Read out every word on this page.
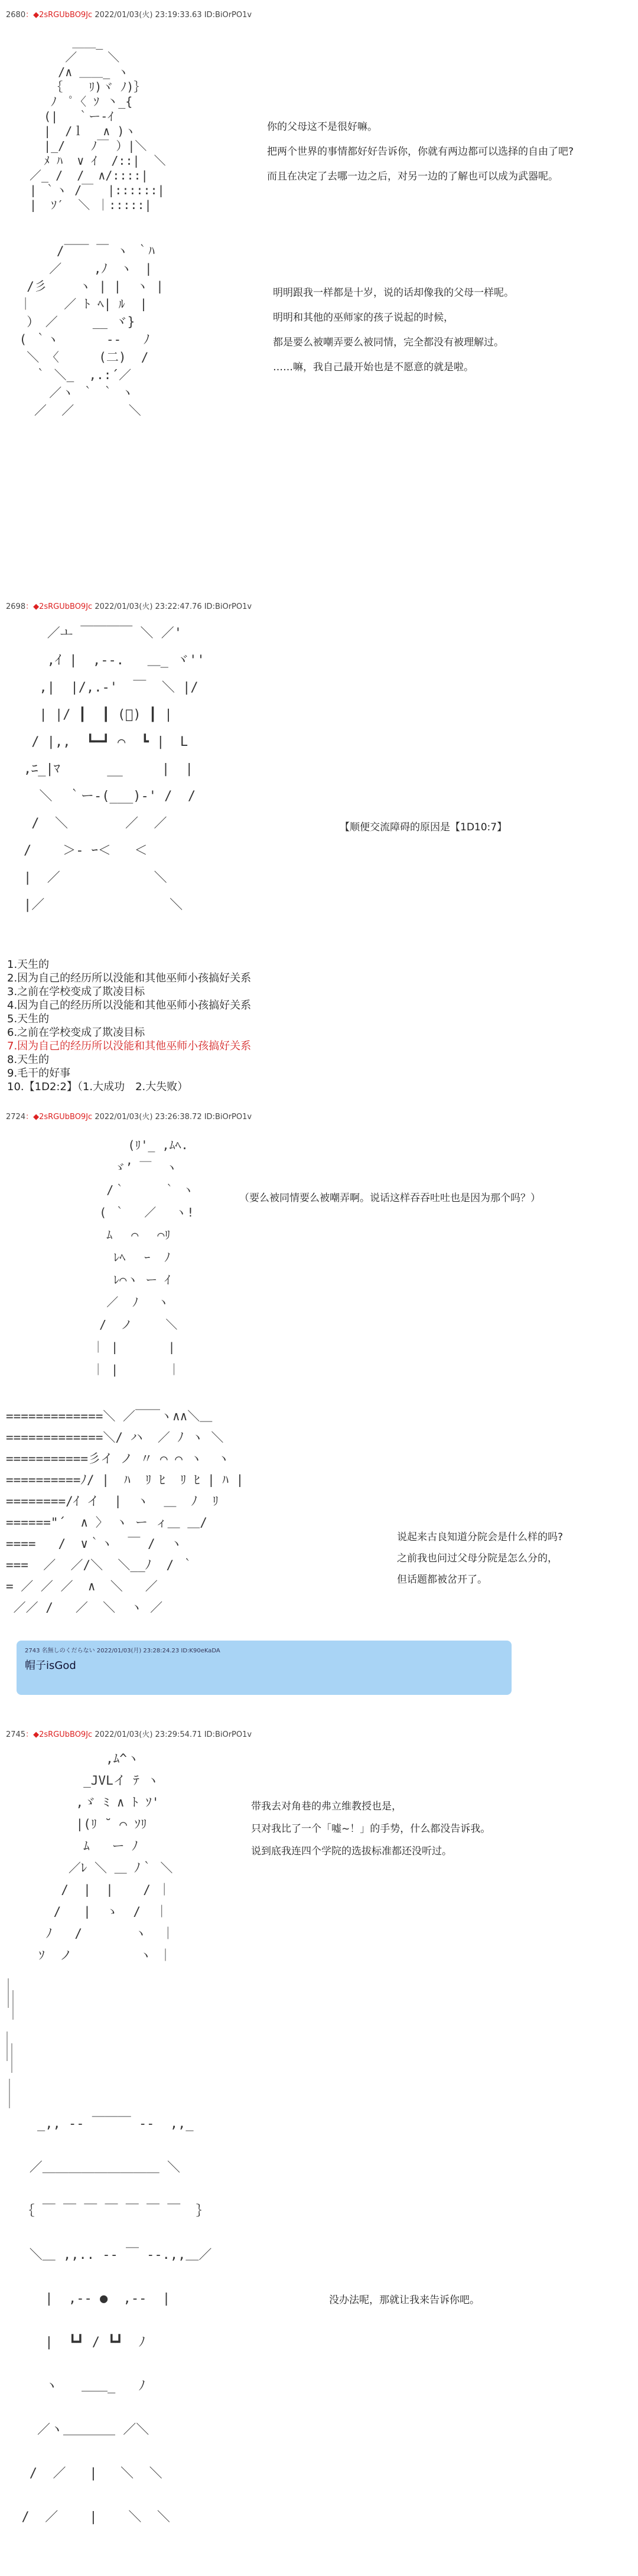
2680：◆2sRGUbBO9Jc 2022/01/03(火) 23:19:33.63 ID:BiOrPO1v
＿＿_
／　　 ＼
/∧ ＿＿_ ヽ
｛ 　 ﾘ)ヾ ﾉ)｝
ﾉ　ﾟ〈 ｿ 丶_{
(|　 ｀ー-ｲ
|  /ｌ　 ∧ )ヽ
|_/ 　 ﾉ￣ ）|＼
ﾒ ﾊ  ∨ ｲ  /::|  ＼
／_ /  /  ∧/::::|
| ｀ヽ /￣  |::::::|
|  ｿ′  ＼ ｜:::::|
你的父母这不是很好嘛。
把两个世界的事情都好好告诉你，你就有两边都可以选择的自由了吧?
而且在决定了去哪一边之后，对另一边的了解也可以成为武器呢。
/￣￣ ￣ ヽ ｀ﾊ
／　　 ,ﾉ　ヽ　|
/彡　　 ヽ | |  ヽ |
｜ 　　／ ﾄ ﾍ| ﾙ  |
）　／　   __ ヾ}
( ｀ヽ　 　  ‐‐   ﾉ
＼ 〈　 　 (二)  /
｀ ＼_  ,.:´／
／ヽ ｀ ｀ ヽ
／  ／　  　  ＼
明明跟我一样都是十岁，说的话却像我的父母一样呢。
明明和其他的巫师家的孩子说起的时候，
都是要么被嘲弄要么被同情，完全都没有被理解过。
……嘛，我自己最开始也是不愿意的就是啦。
2698：◆2sRGUbBO9Jc 2022/01/03(火) 23:22:47.76 ID:BiOrPO1v
／ￌ ￣￣￣￣ ＼ ／'
,ｲ |  ,--.   ＿_ ヾ''
,|  |/,.-'  ￣  ＼ |/
| |/ ┃  ┃ (ﾟ) ┃ |
/ |,,  ┗━┛ ⌒  ┗ |  L
,ﾆ_|ﾏ      __     |  |
＼  ｀ー‐(___)‐' /  /
/  ＼ 　  　 ／  ／
/    ＞‐ ｰ＜   ＜
|  ／            ＼
|／                ＼
【顺便交流障碍的原因是【1D10:7】
1.天生的
2.因为自己的经历所以没能和其他巫师小孩搞好关系
3.之前在学校变成了欺凌目标
4.因为自己的经历所以没能和其他巫师小孩搞好关系
5.天生的
6.之前在学校变成了欺凌目标
7.因为自己的经历所以没能和其他巫师小孩搞好关系
8.天生的
9.毛干的好事
10.【1D2:2】（1.大成功　2.大失败）
2724：◆2sRGUbBO9Jc 2022/01/03(火) 23:26:38.72 ID:BiOrPO1v
(ﾘ'_ ,ﾑﾍ.
ゞ’ ￣  ヽ
/｀　　  ｀ ヽ
( ｀　 ／　 ヽ!
ﾑ　 ⌒　 ⌒ﾘ
ﾚﾍ　 ｰ  ﾉ
ﾚ⌒ヽ ー ｲ
／  ﾉ　 ヽ
/  ノ  　 ＼
｜ |       |
｜ |       ｜
（要么被同情要么被嘲弄啊。说话这样吞吞吐吐也是因为那个吗？）
=============＼ ／￣￣ヽ∧∧＼＿
=============＼/ ハ  ／ ﾉ ヽ ＼
===========彡イ ノ 〃 ⌒ ⌒ ヽ  ヽ
==========ﾉ/ |  ﾊ  ﾘ ﾋ  ﾘ ﾋ | ﾊ |
========/ｲ イ  |  ヽ  ＿  ﾉ  ﾘ
======"´  ∧ 〉 ヽ ー ィ＿ ＿/
====   /  ∨｀ヽ  ￣ /  ヽ
===  ／  ／/＼  ＼__ﾉ  / ｀
= ／ ／ ／  ∧  ＼   ／
／／ /   ／  ＼  ヽ ／
说起来古良知道分院会是什么样的吗?
之前我也问过父母分院是怎么分的，
但话题都被岔开了。
2743 名無しのくだらない 2022/01/03(月) 23:28:24.23 ID:K90eKaDA
帽子isGod
2745：◆2sRGUbBO9Jc 2022/01/03(火) 23:29:54.71 ID:BiOrPO1v
,ﾑ^ヽ
_JVLイ ﾃ ヽ
,ゞ ﾐ ∧ ﾄ ｿ'
|(ﾘ ˘ ⌒ ｿﾘ
ﾑ   ー ﾉ
／ﾚ ＼ ＿ ﾉ｀ ＼
/  |  |    / ｜
/   |  ゝ  /  ｜
ﾉ   /       ヽ  ｜
ｿ  ノ         ヽ ｜
带我去对角巷的弗立维教授也是，
只对我比了一个「嘘~！」的手势，什么都没告诉我。
说到底我连四个学院的选拔标准都还没听过。
_,, -‐ ￣￣￣ ‐-  ,,_
／＿＿＿＿＿＿＿＿＿ ＼
｛ ￣ ￣ ￣ ￣ ￣ ￣ ￣  ｝
＼＿ ,,.. -‐ ￣ ‐-.,,＿／
|  ,-- ●  ,--  |
|  ┗┛ / ┗┛  ﾉ
ヽ   ＿＿_   ﾉ
／ヽ＿＿＿＿ ／＼
/  ／   |   ＼  ＼
/  ／    |    ＼  ＼
没办法呢，那就让我来告诉你吧。
